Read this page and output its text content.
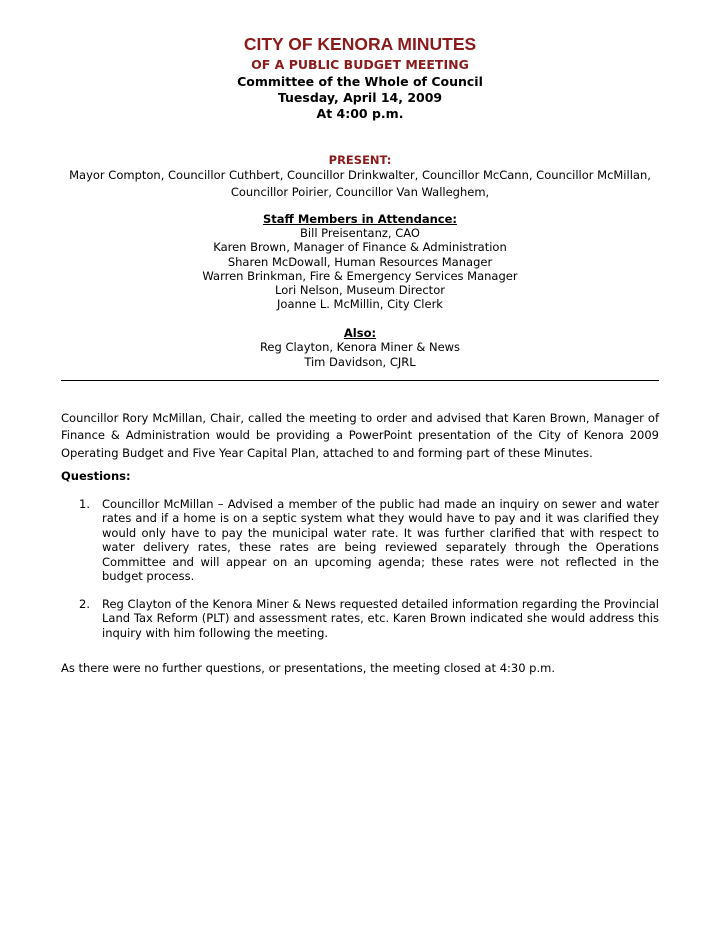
CITY OF KENORA MINUTES
OF A PUBLIC BUDGET MEETING
Committee of the Whole of Council
Tuesday, April 14, 2009
At 4:00 p.m.
PRESENT:
Mayor Compton, Councillor Cuthbert, Councillor Drinkwalter, Councillor McCann, Councillor McMillan, Councillor Poirier, Councillor Van Walleghem,
Staff Members in Attendance:
Bill Preisentanz, CAO
Karen Brown, Manager of Finance & Administration
Sharen McDowall, Human Resources Manager
Warren Brinkman, Fire & Emergency Services Manager
Lori Nelson, Museum Director
Joanne L. McMillin, City Clerk
Also:
Reg Clayton, Kenora Miner & News
Tim Davidson, CJRL
Councillor Rory McMillan, Chair, called the meeting to order and advised that Karen Brown, Manager of Finance & Administration would be providing a PowerPoint presentation of the City of Kenora 2009 Operating Budget and Five Year Capital Plan, attached to and forming part of these Minutes.
Questions:
1.	Councillor McMillan – Advised a member of the public had made an inquiry on sewer and water rates and if a home is on a septic system what they would have to pay and it was clarified they would only have to pay the municipal water rate. It was further clarified that with respect to water delivery rates, these rates are being reviewed separately through the Operations Committee and will appear on an upcoming agenda; these rates were not reflected in the budget process.
2.	Reg Clayton of the Kenora Miner & News requested detailed information regarding the Provincial Land Tax Reform (PLT) and assessment rates, etc. Karen Brown indicated she would address this inquiry with him following the meeting.
As there were no further questions, or presentations, the meeting closed at 4:30 p.m.
